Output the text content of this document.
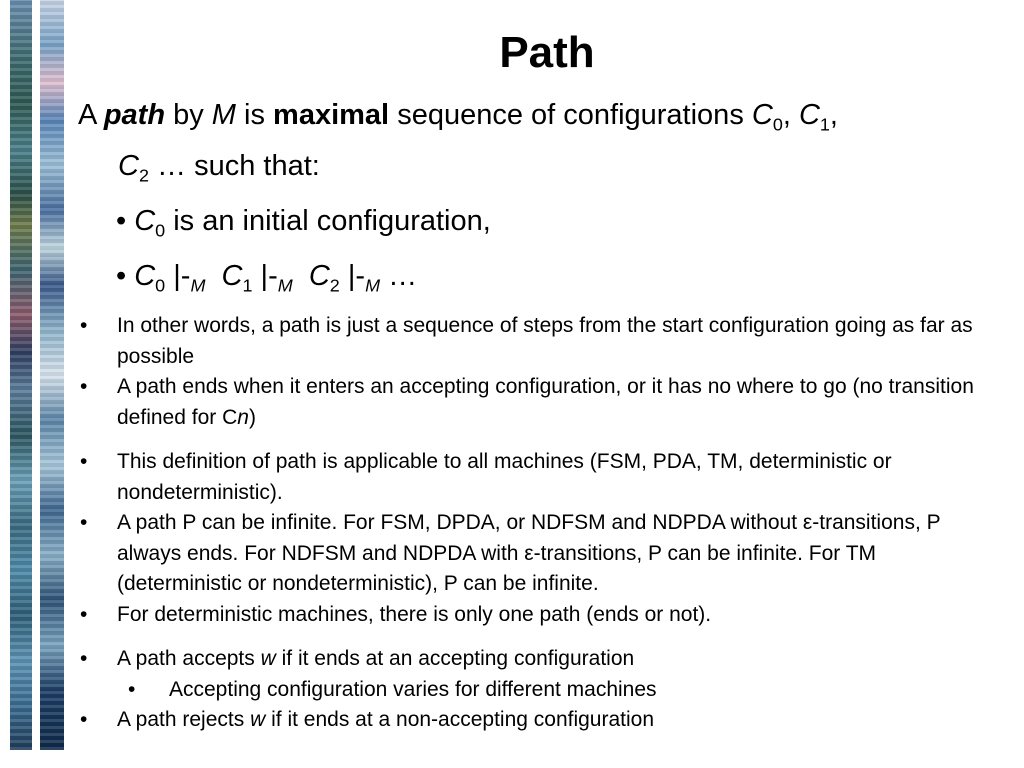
Path
A path by M is maximal sequence of configurations $C_0$, $C_1$,
$C_2$ … such that:
• $C_0$ is an initial configuration,
• $C_0$ $|-_M$ $C_1$ $|-_M$ $C_2$ $|-_M$ …
•	In other words, a path is just a sequence of steps from the start configuration going as far as possible
•	A path ends when it enters an accepting configuration, or it has no where to go (no transition defined for Cn)
•	This definition of path is applicable to all machines (FSM, PDA, TM, deterministic or nondeterministic).
•	A path P can be infinite. For FSM, DPDA, or NDFSM and NDPDA without ε-transitions, P always ends. For NDFSM and NDPDA with ε-transitions, P can be infinite. For TM (deterministic or nondeterministic), P can be infinite.
•	For deterministic machines, there is only one path (ends or not).
•	A path accepts w if it ends at an accepting configuration
•	Accepting configuration varies for different machines
•	A path rejects w if it ends at a non-accepting configuration
